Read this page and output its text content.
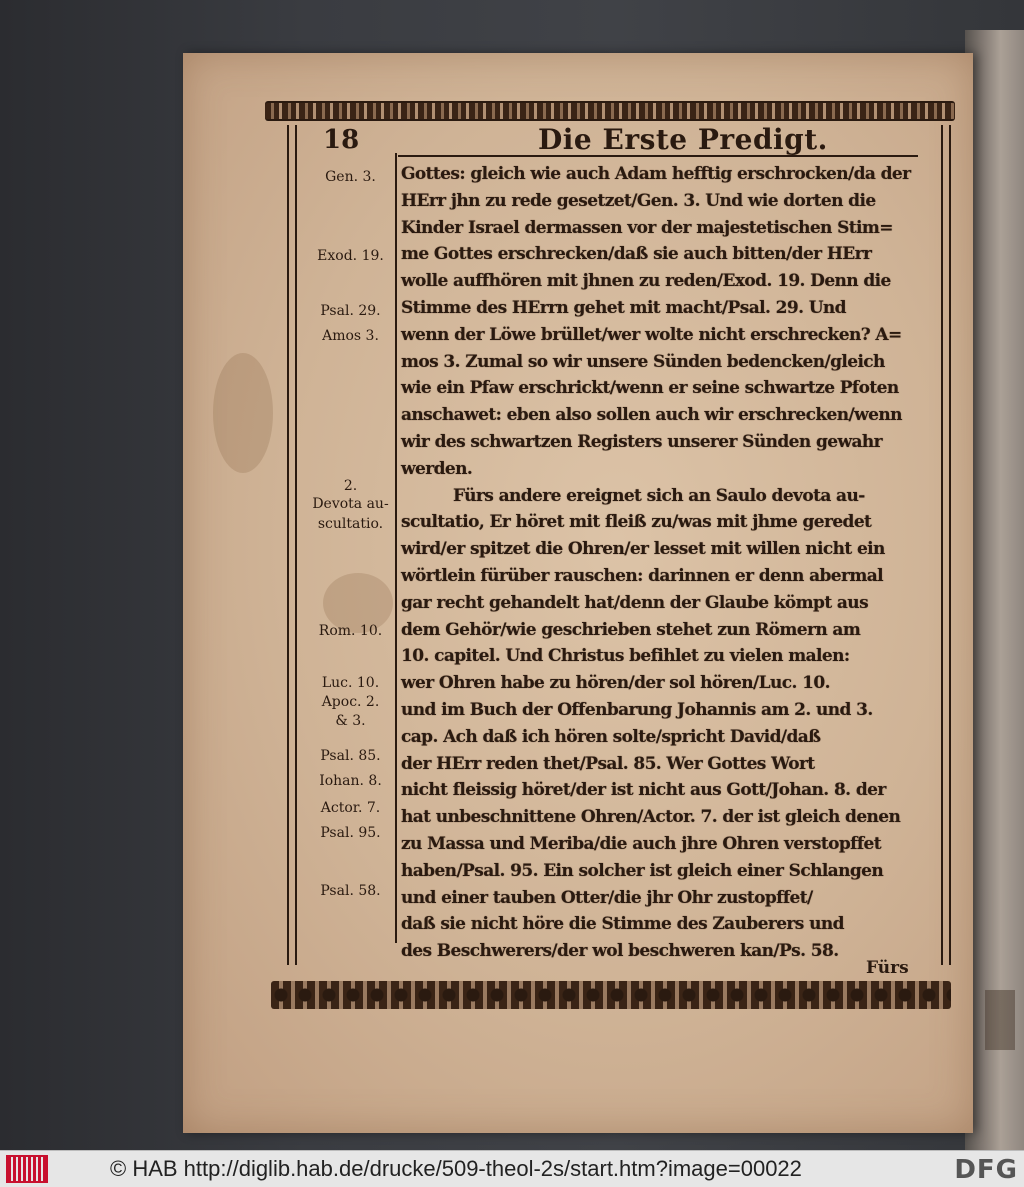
18	Die Erste Predigt.
Gen. 3.
Exod. 19.
Psal. 29.
Amos 3.
2.
Devota au-
scultatio.
Rom. 10.
Luc. 10.
Apoc. 2.
& 3.
Psal. 85.
Iohan. 8.
Actor. 7.
Psal. 95.
Psal. 58.
Gottes: gleich wie auch Adam hefftig erschrocken/da der
HErr jhn zu rede gesetzet/Gen. 3. Und wie dorten die
Kinder Israel dermassen vor der majestetischen Stim=
me Gottes erschrecken/daß sie auch bitten/der HErr
wolle auffhören mit jhnen zu reden/Exod. 19. Denn die
Stimme des HErrn gehet mit macht/Psal. 29. Und
wenn der Löwe brüllet/wer wolte nicht erschrecken? A=
mos 3. Zumal so wir unsere Sünden bedencken/gleich
wie ein Pfaw erschrickt/wenn er seine schwartze Pfoten
anschawet: eben also sollen auch wir erschrecken/wenn
wir des schwartzen Registers unserer Sünden gewahr
werden.
Fürs andere ereignet sich an Saulo devota au-
scultatio, Er höret mit fleiß zu/was mit jhme geredet
wird/er spitzet die Ohren/er lesset mit willen nicht ein
wörtlein fürüber rauschen: darinnen er denn abermal
gar recht gehandelt hat/denn der Glaube kömpt aus
dem Gehör/wie geschrieben stehet zun Römern am
10. capitel. Und Christus befihlet zu vielen malen:
wer Ohren habe zu hören/der sol hören/Luc. 10.
und im Buch der Offenbarung Johannis am 2. und 3.
cap. Ach daß ich hören solte/spricht David/daß
der HErr reden thet/Psal. 85. Wer Gottes Wort
nicht fleissig höret/der ist nicht aus Gott/Johan. 8. der
hat unbeschnittene Ohren/Actor. 7. der ist gleich denen
zu Massa und Meriba/die auch jhre Ohren verstopffet
haben/Psal. 95. Ein solcher ist gleich einer Schlangen
und einer tauben Otter/die jhr Ohr zustopffet/
daß sie nicht höre die Stimme des Zauberers und
des Beschwerers/der wol beschweren kan/Ps. 58.
Fürs
© HAB http://diglib.hab.de/drucke/509-theol-2s/start.htm?image=00022	DFG
